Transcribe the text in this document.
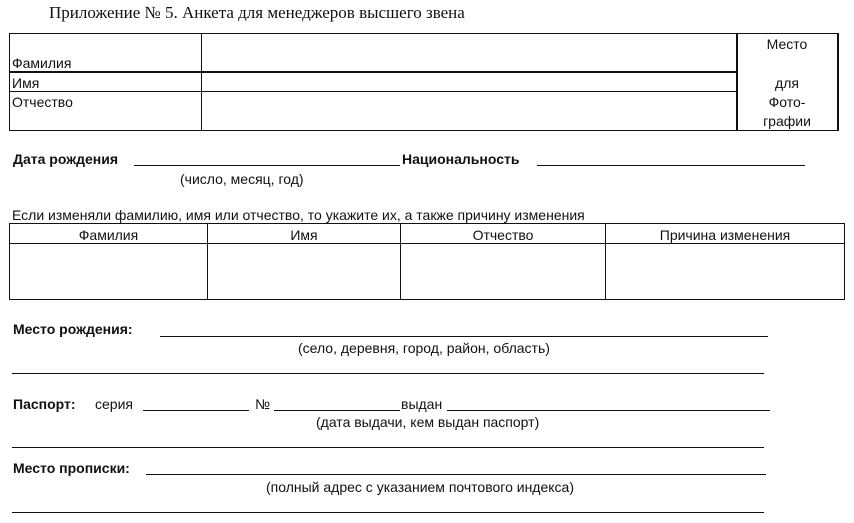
Приложение № 5. Анкета для менеджеров высшего звена
Фамилия
Имя
Отчество
Место
для
Фото-
графии
Дата рождения	Национальность
(число, месяц, год)
Если изменяли фамилию, имя или отчество, то укажите их, а также причину изменения
Фамилия	Имя	Отчество	Причина изменения
Место рождения:
(село, деревня, город, район, область)
Паспорт: серия	№	выдан
(дата выдачи, кем выдан паспорт)
Место прописки:
(полный адрес с указанием почтового индекса)
